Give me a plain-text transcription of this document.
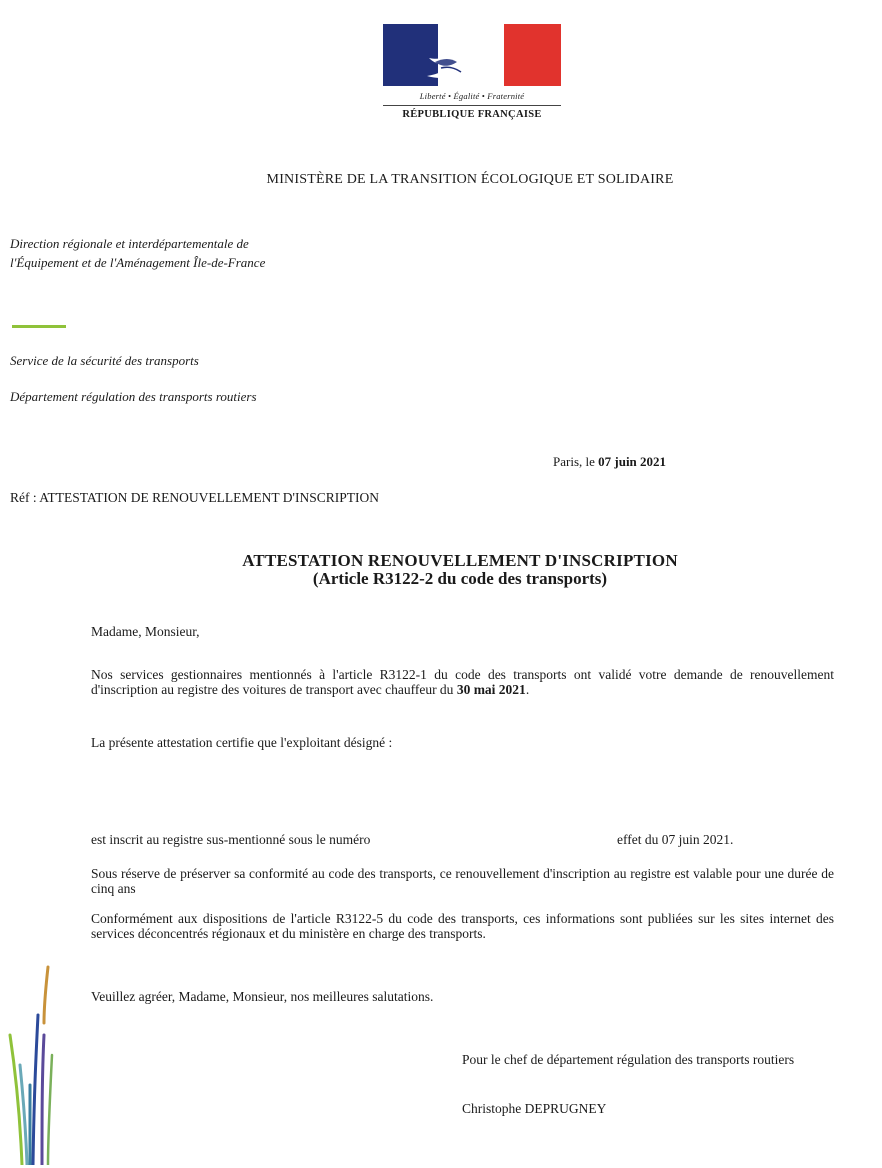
Liberté • Égalité • Fraternité
RÉPUBLIQUE FRANÇAISE
MINISTÈRE DE LA TRANSITION ÉCOLOGIQUE ET SOLIDAIRE
Direction régionale et interdépartementale de
l'Équipement et de l'Aménagement Île-de-France
Service de la sécurité des transports
Département régulation des transports routiers
Paris, le 07 juin 2021
Réf : ATTESTATION DE RENOUVELLEMENT D'INSCRIPTION
ATTESTATION RENOUVELLEMENT D'INSCRIPTION
(Article R3122-2 du code des transports)
Madame, Monsieur,
Nos services gestionnaires mentionnés à l'article R3122-1 du code des transports ont validé votre demande de renouvellement d'inscription au registre des voitures de transport avec chauffeur du 30 mai 2021.
La présente attestation certifie que l'exploitant désigné :
est inscrit au registre sus-mentionné sous le numéro	effet du 07 juin 2021.
Sous réserve de préserver sa conformité au code des transports, ce renouvellement d'inscription au registre est valable pour une durée de cinq ans
Conformément aux dispositions de l'article R3122-5 du code des transports, ces informations sont publiées sur les sites internet des services déconcentrés régionaux et du ministère en charge des transports.
Veuillez agréer, Madame, Monsieur, nos meilleures salutations.
Pour le chef de département régulation des transports routiers
Christophe DEPRUGNEY
